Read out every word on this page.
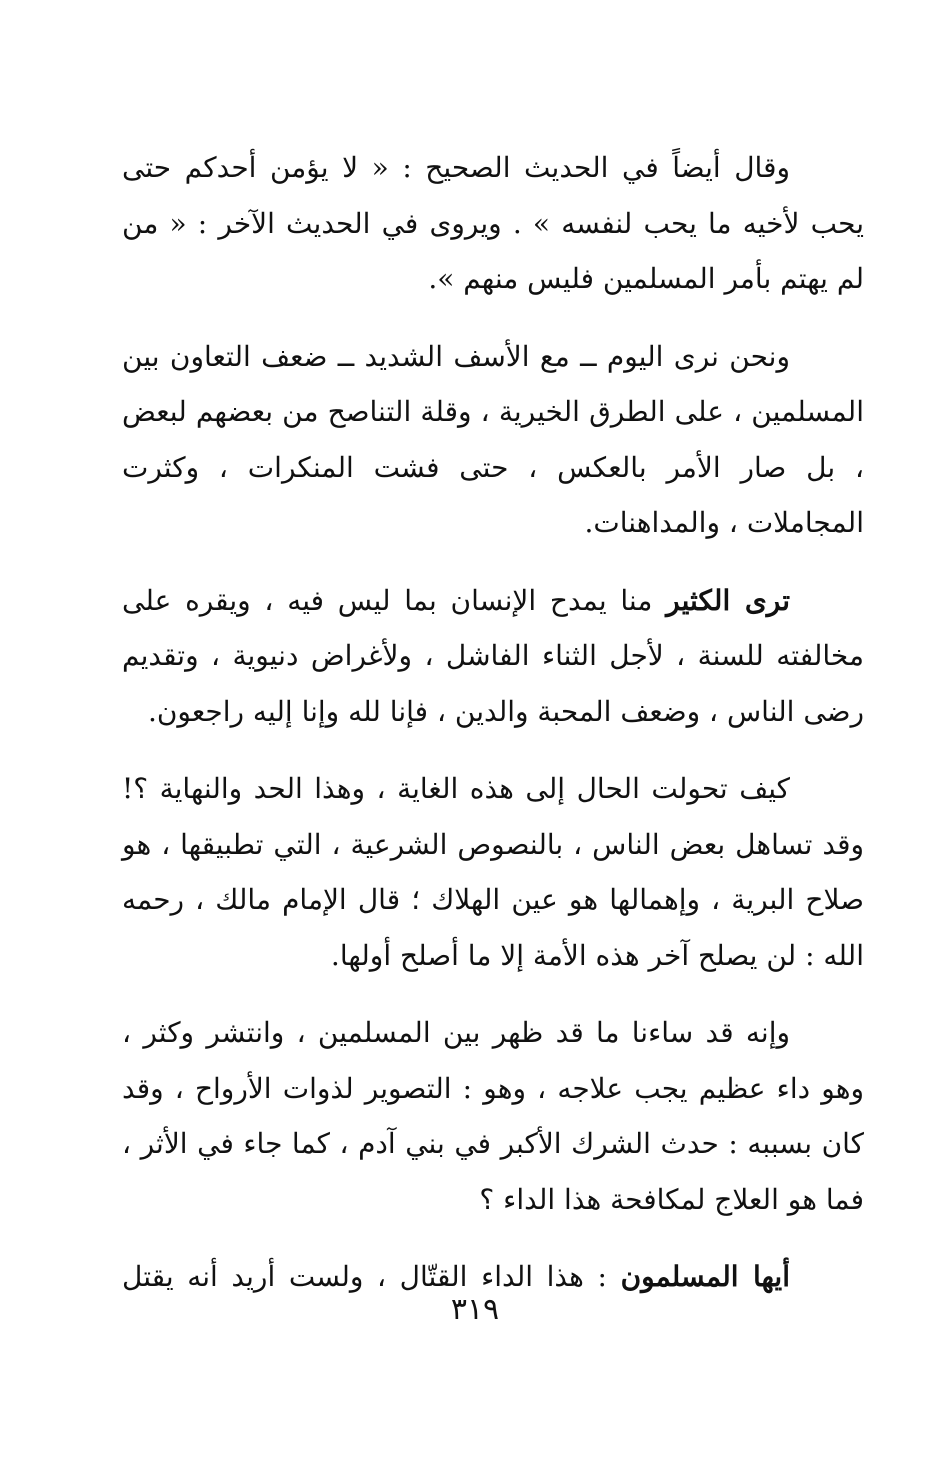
وقال أيضاً في الحديث الصحيح : « لا يؤمن أحدكم حتى يحب لأخيه ما يحب لنفسه » . ويروى في الحديث الآخر : « من لم يهتم بأمر المسلمين فليس منهم ».

ونحن نرى اليوم ــ مع الأسف الشديد ــ ضعف التعاون بين المسلمين ، على الطرق الخيرية ، وقلة التناصح من بعضهم لبعض ، بل صار الأمر بالعكس ، حتى فشت المنكرات ، وكثرت المجاملات ، والمداهنات.

ترى الكثير منا يمدح الإنسان بما ليس فيه ، ويقره على مخالفته للسنة ، لأجل الثناء الفاشل ، ولأغراض دنيوية ، وتقديم رضى الناس ، وضعف المحبة والدين ، فإنا لله وإنا إليه راجعون.

كيف تحولت الحال إلى هذه الغاية ، وهذا الحد والنهاية ؟! وقد تساهل بعض الناس ، بالنصوص الشرعية ، التي تطبيقها ، هو صلاح البرية ، وإهمالها هو عين الهلاك ؛ قال الإمام مالك ، رحمه الله : لن يصلح آخر هذه الأمة إلا ما أصلح أولها.

وإنه قد ساءنا ما قد ظهر بين المسلمين ، وانتشر وكثر ، وهو داء عظيم يجب علاجه ، وهو : التصوير لذوات الأرواح ، وقد كان بسببه : حدث الشرك الأكبر في بني آدم ، كما جاء في الأثر ، فما هو العلاج لمكافحة هذا الداء ؟

أيها المسلمون : هذا الداء القتّال ، ولست أريد أنه يقتل

٣١٩
